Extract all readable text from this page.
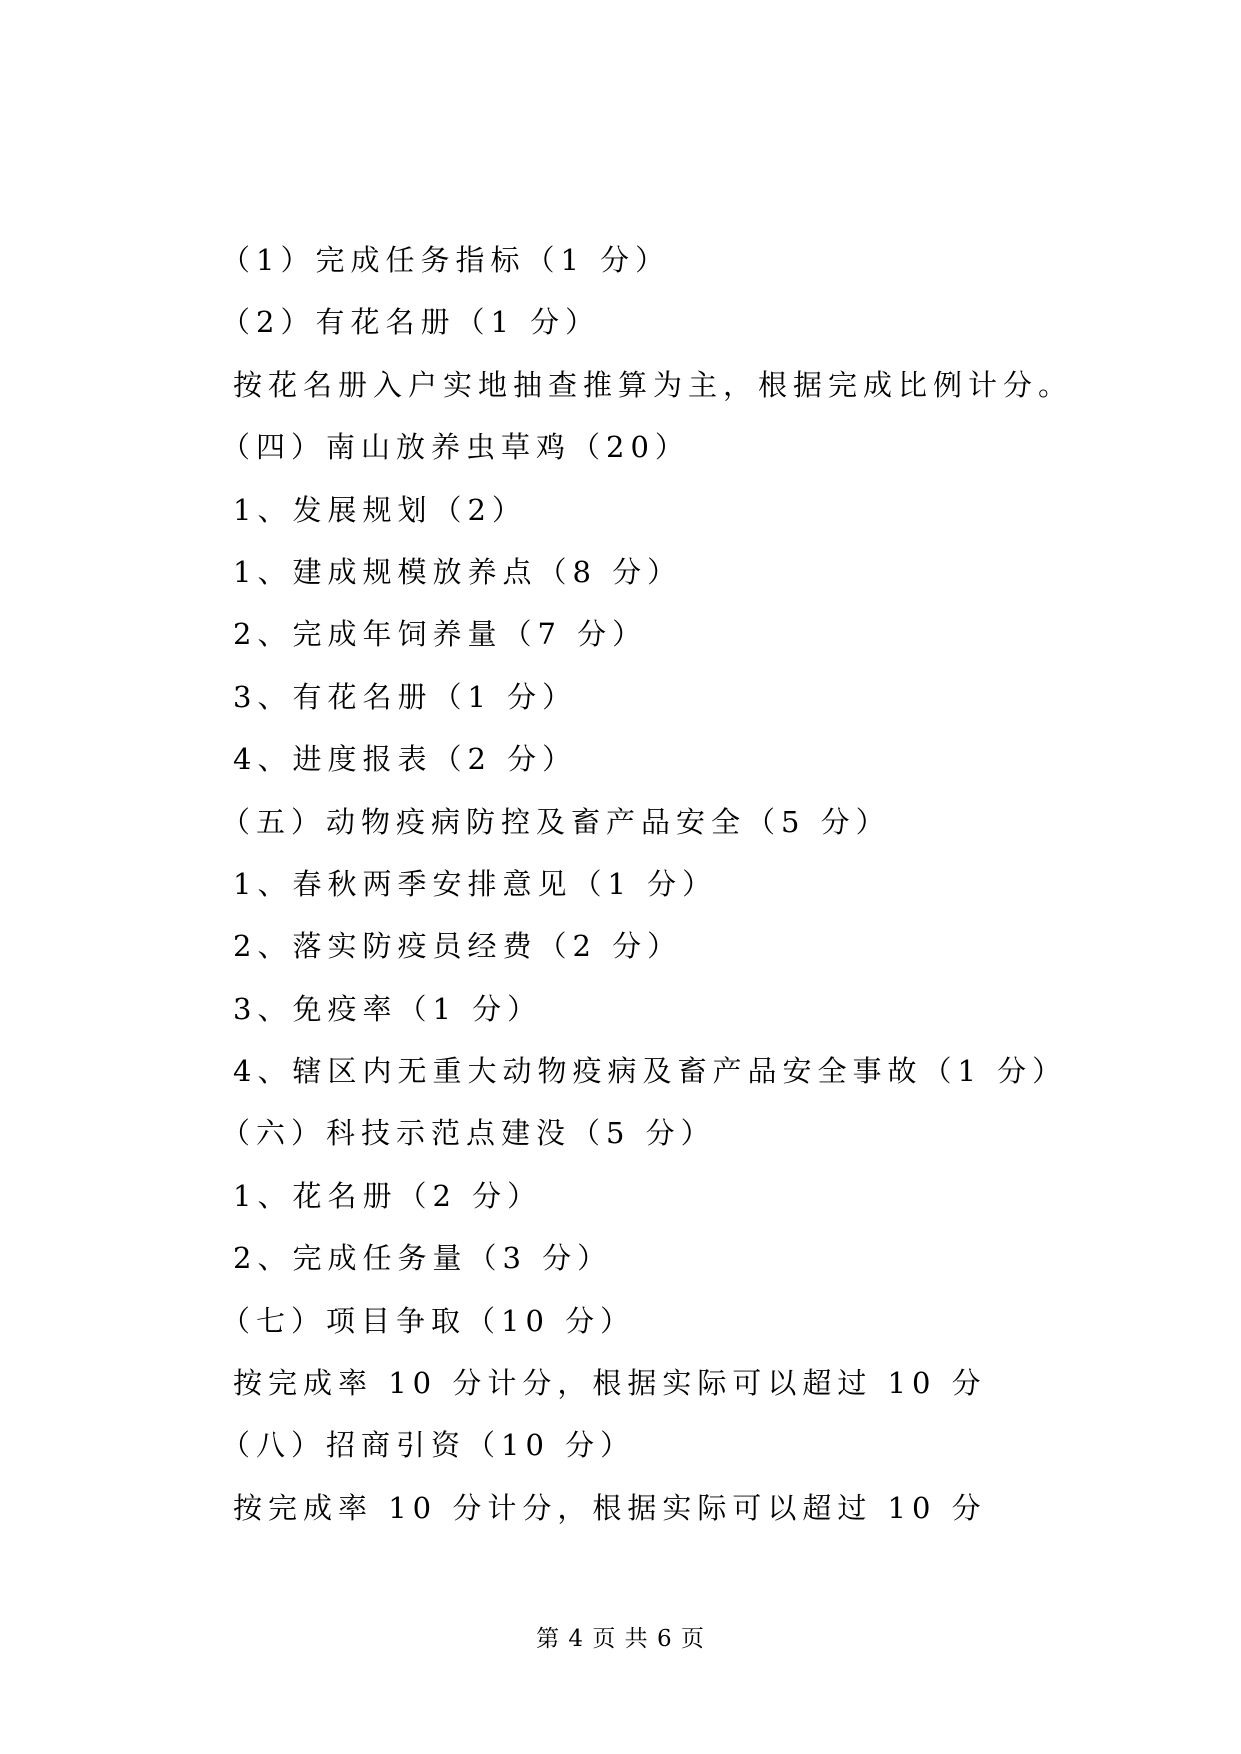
（1）完成任务指标（1 分）
（2）有花名册（1 分）
按花名册入户实地抽查推算为主，根据完成比例计分。
（四）南山放养虫草鸡（20）
1、发展规划（2）
1、建成规模放养点（8 分）
2、完成年饲养量（7 分）
3、有花名册（1 分）
4、进度报表（2 分）
（五）动物疫病防控及畜产品安全（5 分）
1、春秋两季安排意见（1 分）
2、落实防疫员经费（2 分）
3、免疫率（1 分）
4、辖区内无重大动物疫病及畜产品安全事故（1 分）
（六）科技示范点建没（5 分）
1、花名册（2 分）
2、完成任务量（3 分）
（七）项目争取（10 分）
按完成率 10 分计分，根据实际可以超过 10 分
（八）招商引资（10 分）
按完成率 10 分计分，根据实际可以超过 10 分
第 4 页 共 6 页
